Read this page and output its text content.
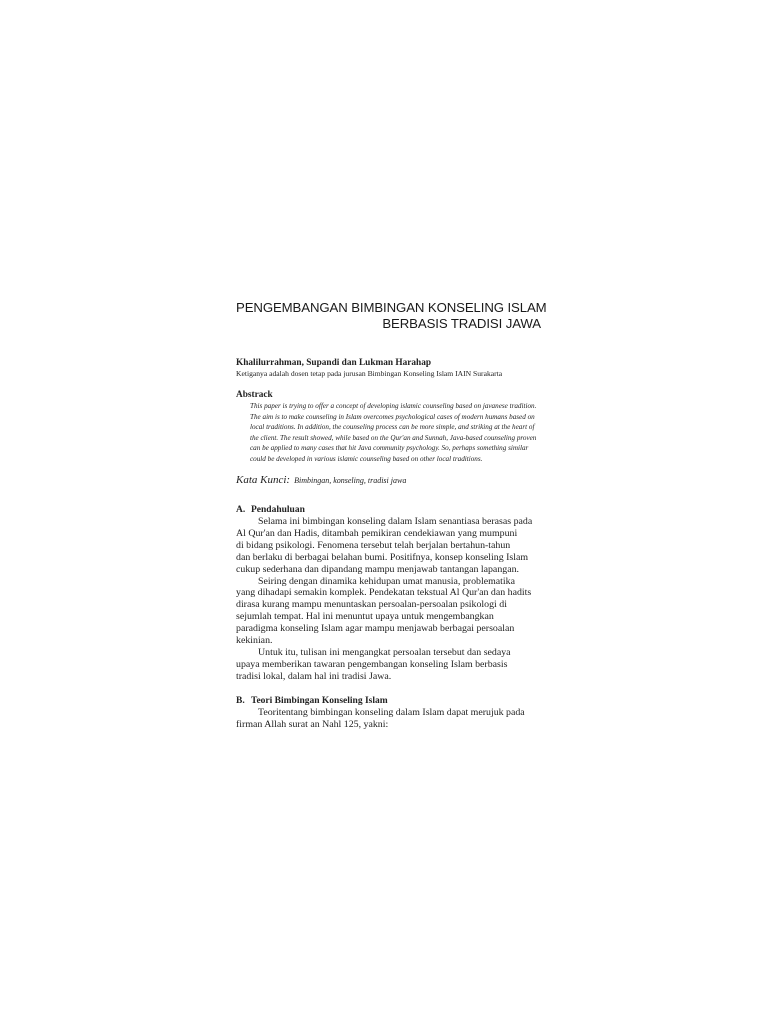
PENGEMBANGAN BIMBINGAN KONSELING ISLAM
BERBASIS TRADISI JAWA
Khalilurrahman, Supandi dan Lukman Harahap
Ketiganya adalah dosen tetap pada jurusan Bimbingan Konseling Islam IAIN Surakarta
Abstrack
This paper is trying to offer a concept of developing islamic counseling based on javanese tradition.
The aim is to make counseling in Islam overcomes psychological cases of modern humans based on
local traditions. In addition, the counseling process can be more simple, and striking at the heart of
the client. The result showed, while based on the Qur'an and Sunnah, Java-based counseling proven
can be applied to many cases that hit Java community psychology. So, perhaps something similar
could be developed in various islamic counseling based on other local traditions.
Kata Kunci: Bimbingan, konseling, tradisi jawa
A. Pendahuluan
Selama ini bimbingan konseling dalam Islam senantiasa berasas pada
Al Qur'an dan Hadis, ditambah pemikiran cendekiawan yang mumpuni
di bidang psikologi. Fenomena tersebut telah berjalan bertahun-tahun
dan berlaku di berbagai belahan bumi. Positifnya, konsep konseling Islam
cukup sederhana dan dipandang mampu menjawab tantangan lapangan.
Seiring dengan dinamika kehidupan umat manusia, problematika
yang dihadapi semakin komplek. Pendekatan tekstual Al Qur'an dan hadits
dirasa kurang mampu menuntaskan persoalan-persoalan psikologi di
sejumlah tempat. Hal ini menuntut upaya untuk mengembangkan
paradigma konseling Islam agar mampu menjawab berbagai persoalan
kekinian.
Untuk itu, tulisan ini mengangkat persoalan tersebut dan sedaya
upaya memberikan tawaran pengembangan konseling Islam berbasis
tradisi lokal, dalam hal ini tradisi Jawa.
B. Teori Bimbingan Konseling Islam
Teoritentang bimbingan konseling dalam Islam dapat merujuk pada
firman Allah surat an Nahl 125, yakni:
